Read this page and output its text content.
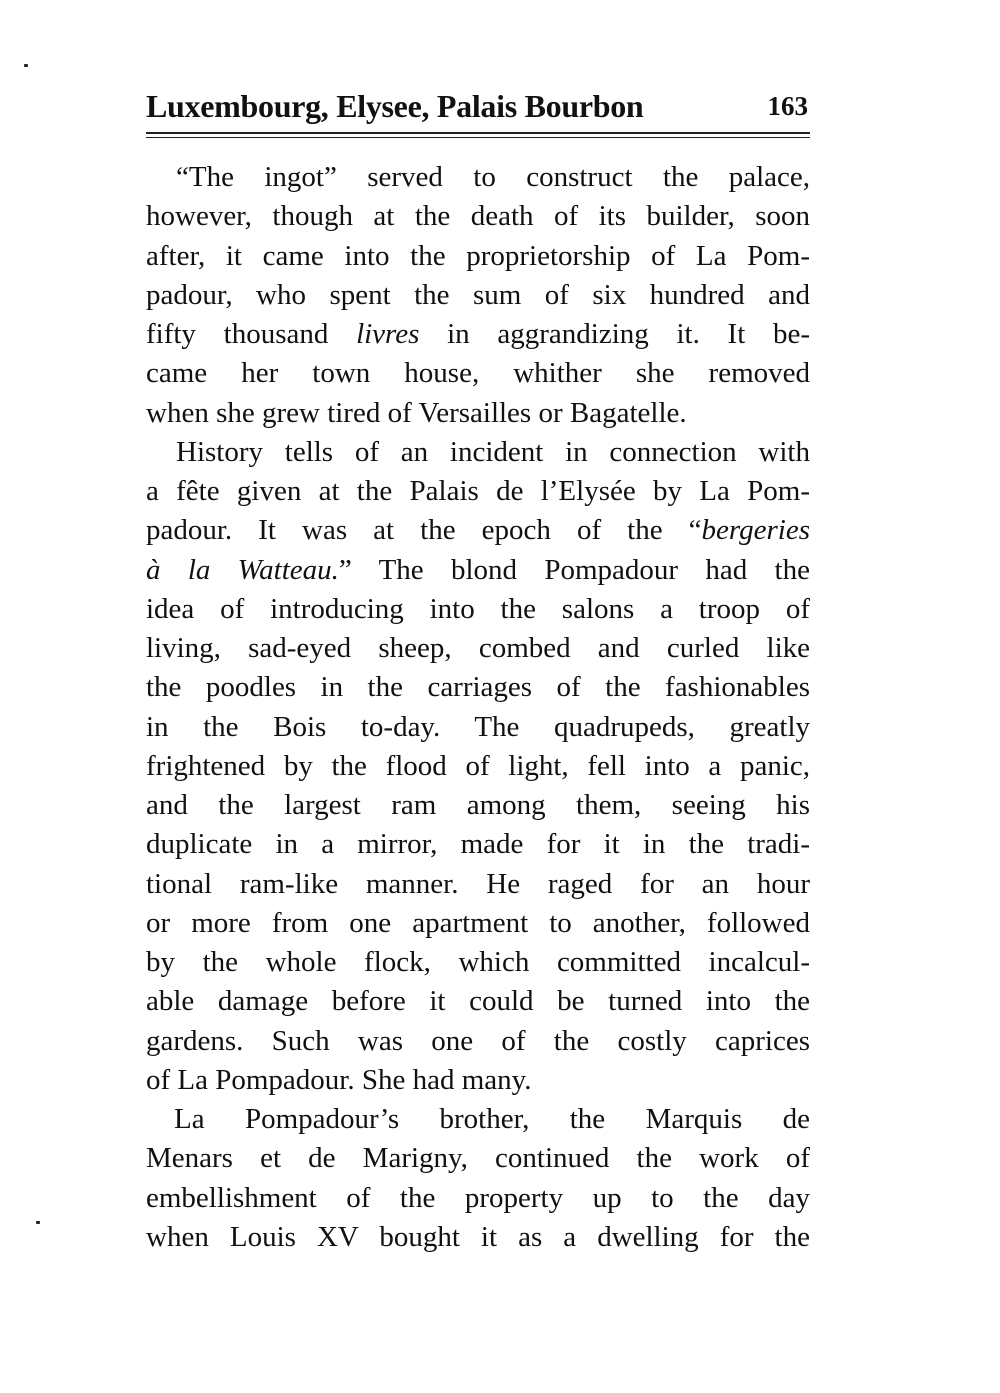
Luxembourg, Elysee, Palais Bourbon	163
“The ingot” served to construct the palace,
however, though at the death of its builder, soon
after, it came into the proprietorship of La Pom-
padour, who spent the sum of six hundred and
fifty thousand livres in aggrandizing it. It be-
came her town house, whither she removed
when she grew tired of Versailles or Bagatelle.
History tells of an incident in connection with
a fête given at the Palais de l’Elysée by La Pom-
padour. It was at the epoch of the “bergeries
à la Watteau.” The blond Pompadour had the
idea of introducing into the salons a troop of
living, sad-eyed sheep, combed and curled like
the poodles in the carriages of the fashionables
in the Bois to-day. The quadrupeds, greatly
frightened by the flood of light, fell into a panic,
and the largest ram among them, seeing his
duplicate in a mirror, made for it in the tradi-
tional ram-like manner. He raged for an hour
or more from one apartment to another, followed
by the whole flock, which committed incalcul-
able damage before it could be turned into the
gardens. Such was one of the costly caprices
of La Pompadour. She had many.
La Pompadour’s brother, the Marquis de
Menars et de Marigny, continued the work of
embellishment of the property up to the day
when Louis XV bought it as a dwelling for the
